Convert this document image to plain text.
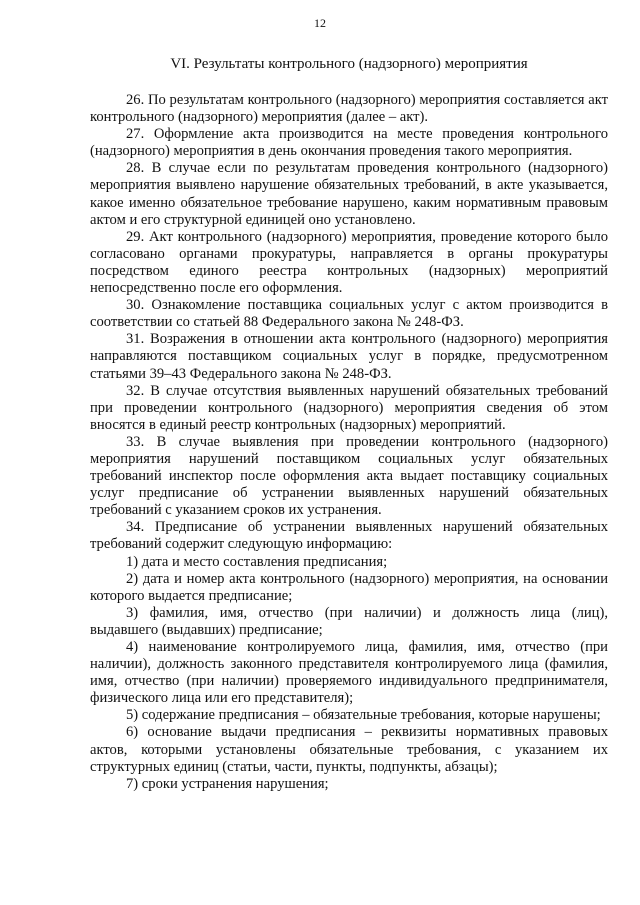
12
VI. Результаты контрольного (надзорного) мероприятия

26. По результатам контрольного (надзорного) мероприятия составляется акт контрольного (надзорного) мероприятия (далее – акт).

27. Оформление акта производится на месте проведения контрольного (надзорного) мероприятия в день окончания проведения такого мероприятия.

28. В случае если по результатам проведения контрольного (надзорного) мероприятия выявлено нарушение обязательных требований, в акте указывается, какое именно обязательное требование нарушено, каким нормативным правовым актом и его структурной единицей оно установлено.

29. Акт контрольного (надзорного) мероприятия, проведение которого было согласовано органами прокуратуры, направляется в органы прокуратуры посредством единого реестра контрольных (надзорных) мероприятий непосредственно после его оформления.

30. Ознакомление поставщика социальных услуг с актом производится в соответствии со статьей 88 Федерального закона № 248-ФЗ.

31. Возражения в отношении акта контрольного (надзорного) мероприятия направляются поставщиком социальных услуг в порядке, предусмотренном статьями 39–43 Федерального закона № 248-ФЗ.

32. В случае отсутствия выявленных нарушений обязательных требований при проведении контрольного (надзорного) мероприятия сведения об этом вносятся в единый реестр контрольных (надзорных) мероприятий.

33. В случае выявления при проведении контрольного (надзорного) мероприятия нарушений поставщиком социальных услуг обязательных требований инспектор после оформления акта выдает поставщику социальных услуг предписание об устранении выявленных нарушений обязательных требований с указанием сроков их устранения.

34. Предписание об устранении выявленных нарушений обязательных требований содержит следующую информацию:

1) дата и место составления предписания;

2) дата и номер акта контрольного (надзорного) мероприятия, на основании которого выдается предписание;

3) фамилия, имя, отчество (при наличии) и должность лица (лиц), выдавшего (выдавших) предписание;

4) наименование контролируемого лица, фамилия, имя, отчество (при наличии), должность законного представителя контролируемого лица (фамилия, имя, отчество (при наличии) проверяемого индивидуального предпринимателя, физического лица или его представителя);

5) содержание предписания – обязательные требования, которые нарушены;

6) основание выдачи предписания – реквизиты нормативных правовых актов, которыми установлены обязательные требования, с указанием их структурных единиц (статьи, части, пункты, подпункты, абзацы);

7) сроки устранения нарушения;
